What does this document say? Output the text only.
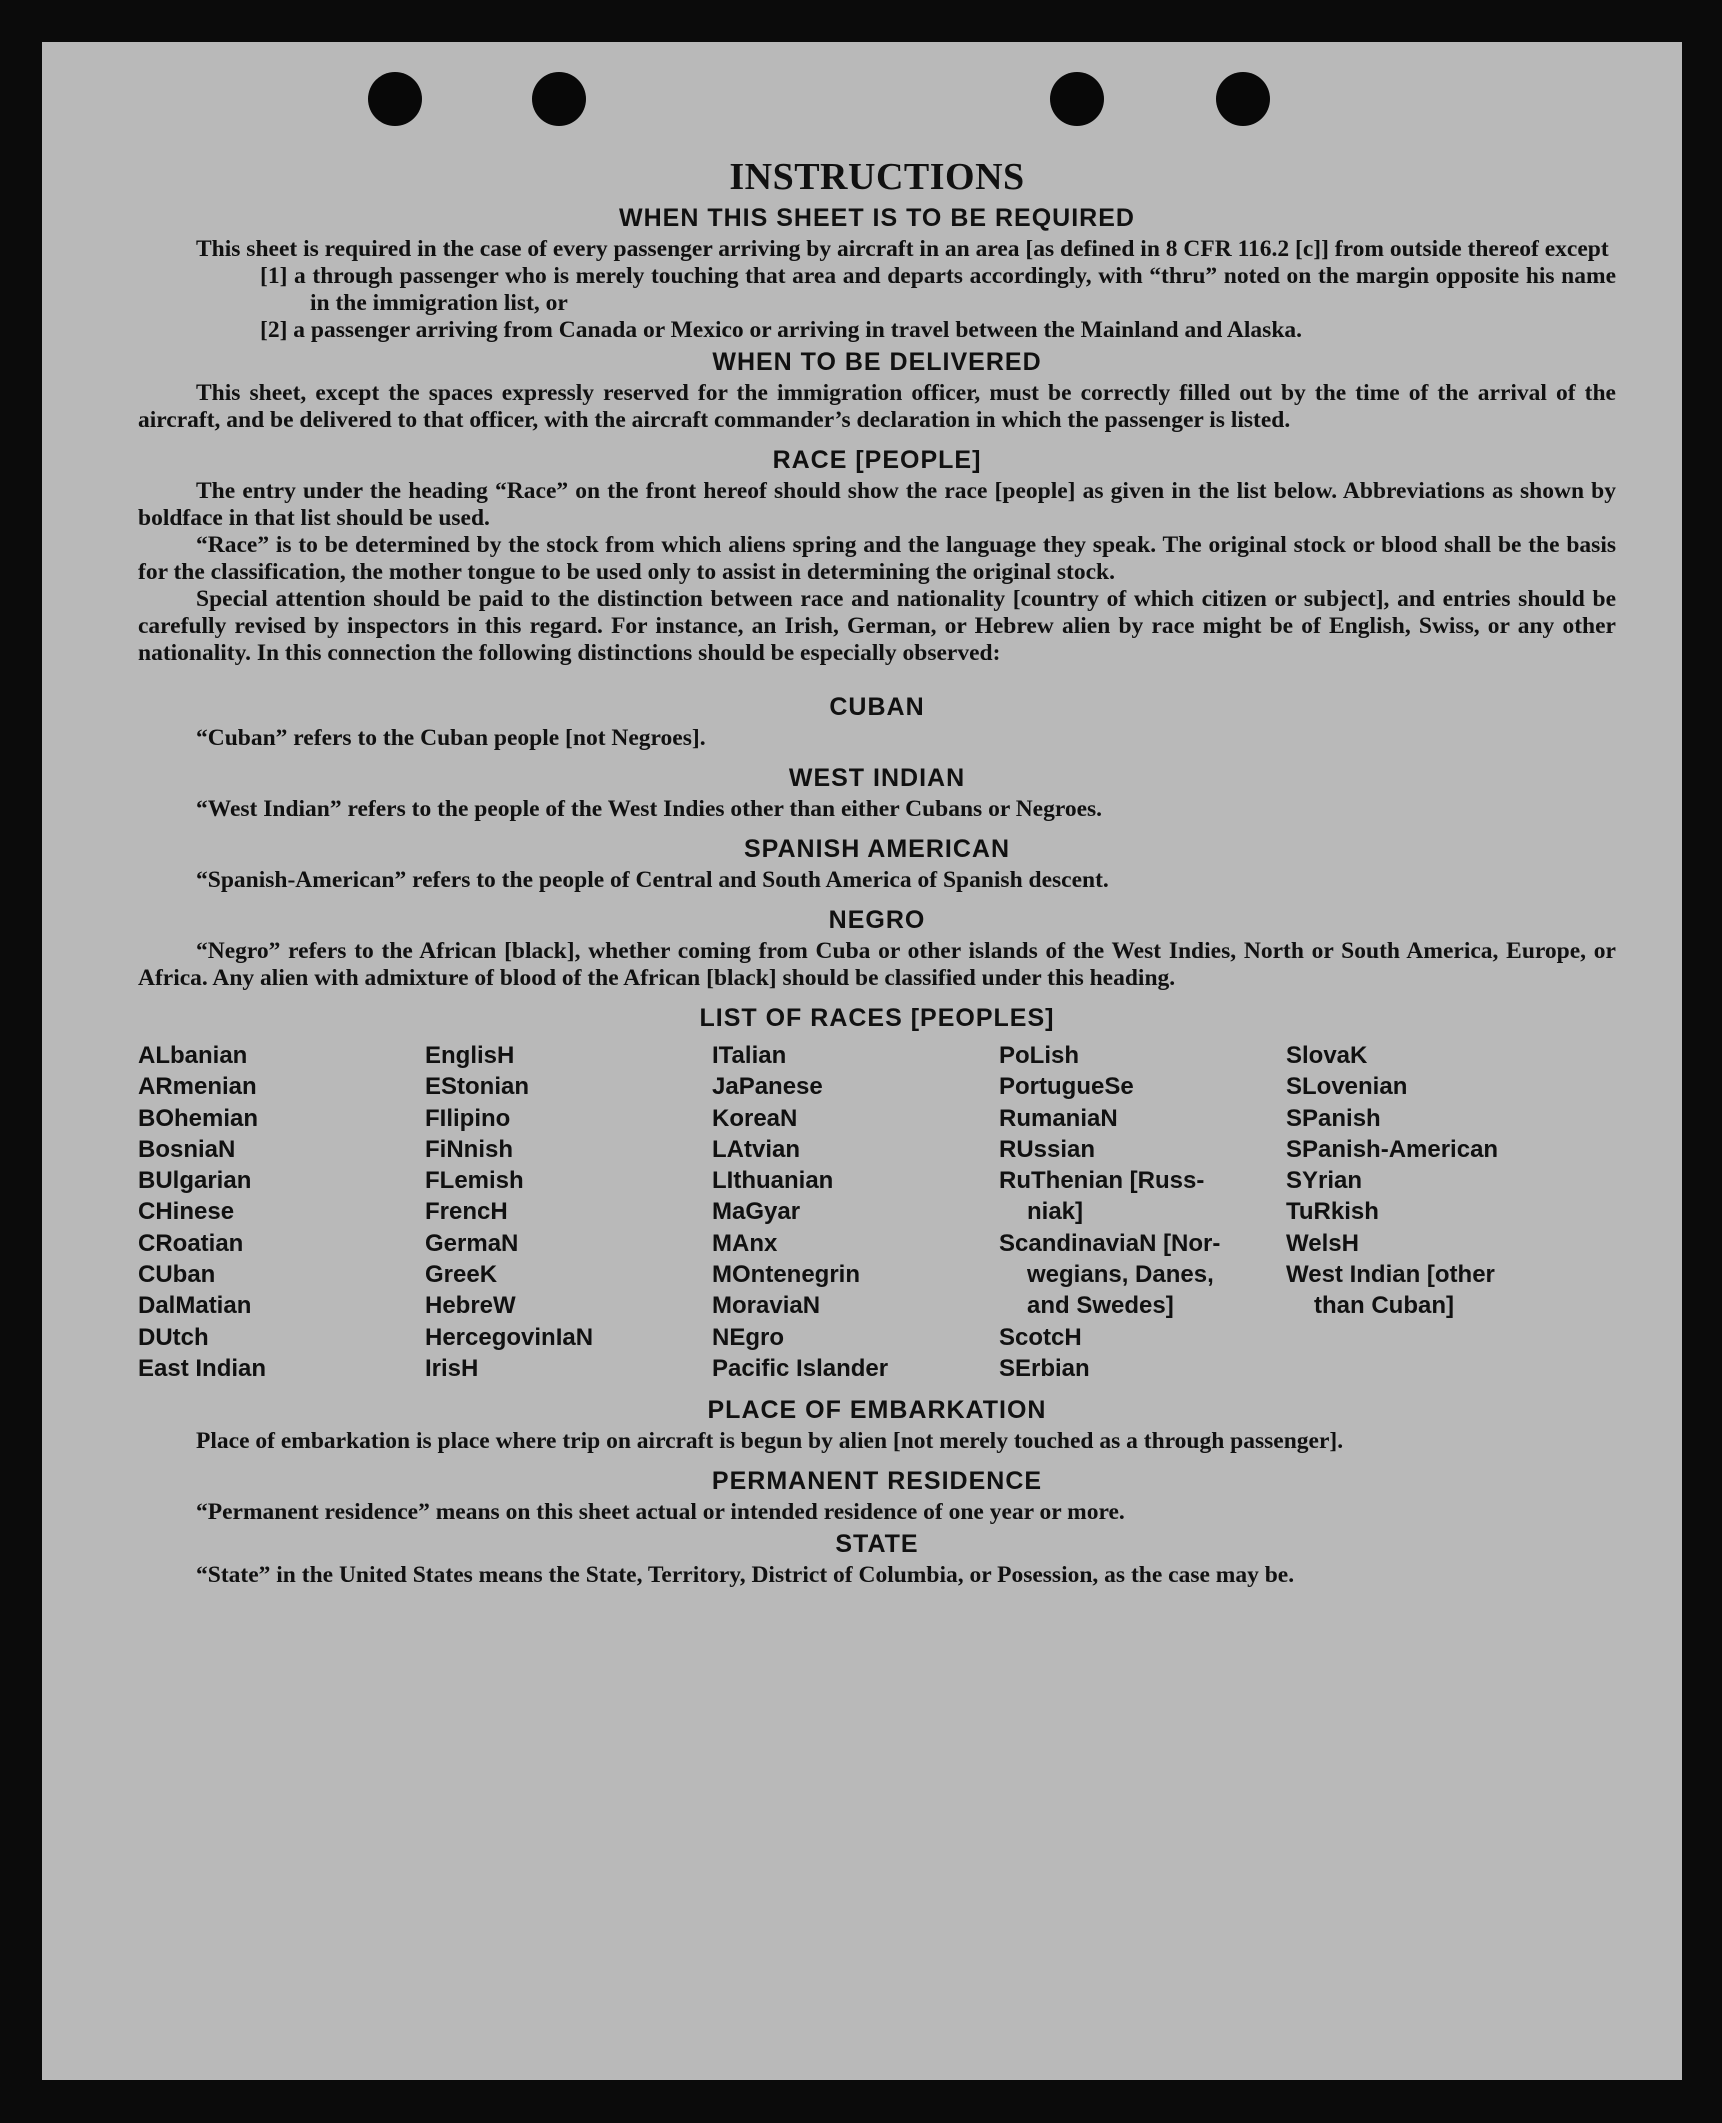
INSTRUCTIONS
WHEN THIS SHEET IS TO BE REQUIRED

This sheet is required in the case of every passenger arriving by aircraft in an area [as defined in 8 CFR 116.2 [c]] from outside thereof except

[1] a through passenger who is merely touching that area and departs accordingly, with “thru” noted on the margin opposite his name in the immigration list, or

[2] a passenger arriving from Canada or Mexico or arriving in travel between the Mainland and Alaska.

WHEN TO BE DELIVERED

This sheet, except the spaces expressly reserved for the immigration officer, must be correctly filled out by the time of the arrival of the aircraft, and be delivered to that officer, with the aircraft commander’s declaration in which the passenger is listed.

RACE [PEOPLE]

The entry under the heading “Race” on the front hereof should show the race [people] as given in the list below. Abbreviations as shown by boldface in that list should be used.

“Race” is to be determined by the stock from which aliens spring and the language they speak. The original stock or blood shall be the basis for the classification, the mother tongue to be used only to assist in determining the original stock.

Special attention should be paid to the distinction between race and nationality [country of which citizen or subject], and entries should be carefully revised by inspectors in this regard. For instance, an Irish, German, or Hebrew alien by race might be of English, Swiss, or any other nationality. In this connection the following distinctions should be especially observed:

CUBAN

“Cuban” refers to the Cuban people [not Negroes].

WEST INDIAN

“West Indian” refers to the people of the West Indies other than either Cubans or Negroes.

SPANISH AMERICAN

“Spanish-American” refers to the people of Central and South America of Spanish descent.

NEGRO

“Negro” refers to the African [black], whether coming from Cuba or other islands of the West Indies, North or South America, Europe, or Africa. Any alien with admixture of blood of the African [black] should be classified under this heading.

LIST OF RACES [PEOPLES]
ALbanian
ARmenian
BOhemian
BosniaN
BUlgarian
CHinese
CRoatian
CUban
DalMatian
DUtch
East Indian
EnglisH
EStonian
FIlipino
FiNnish
FLemish
FrencH
GermaN
GreeK
HebreW
HercegovinIaN
IrisH
ITalian
JaPanese
KoreaN
LAtvian
LIthuanian
MaGyar
MAnx
MOntenegrin
MoraviaN
NEgro
Pacific Islander
PoLish
PortugueSe
RumaniaN
RUssian
RuThenian [Russ-
niak]
ScandinaviaN [Nor-
wegians, Danes,
and Swedes]
ScotcH
SErbian
SlovaK
SLovenian
SPanish
SPanish-American
SYrian
TuRkish
WelsH
West Indian [other
than Cuban]
PLACE OF EMBARKATION

Place of embarkation is place where trip on aircraft is begun by alien [not merely touched as a through passenger].

PERMANENT RESIDENCE

“Permanent residence” means on this sheet actual or intended residence of one year or more.

STATE

“State” in the United States means the State, Territory, District of Columbia, or Posession, as the case may be.
